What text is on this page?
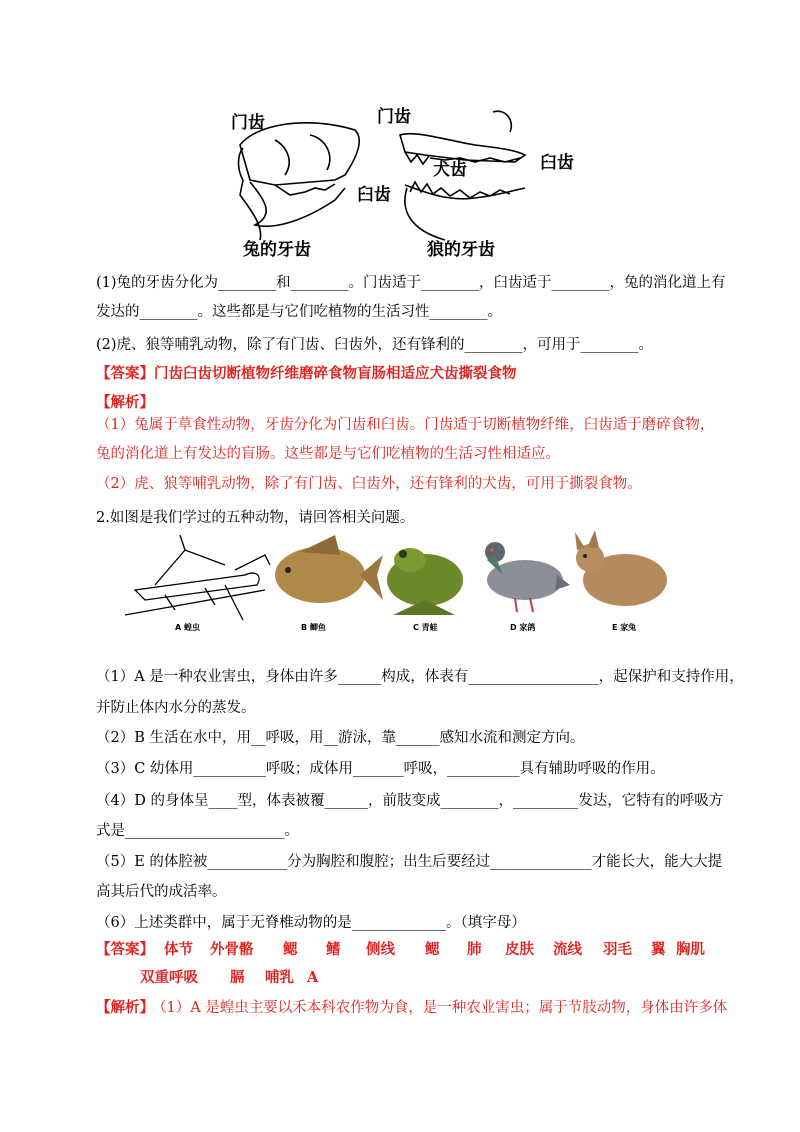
门齿
臼齿
门齿
犬齿	臼齿
兔的牙齿	狼的牙齿
(1)兔的牙齿分化为________和________。门齿适于________，臼齿适于________，兔的消化道上有
发达的________。这些都是与它们吃植物的生活习性________。
(2)虎、狼等哺乳动物，除了有门齿、臼齿外，还有锋利的________，可用于________。
【答案】门齿臼齿切断植物纤维磨碎食物盲肠相适应犬齿撕裂食物
【解析】
（1）兔属于草食性动物，牙齿分化为门齿和臼齿。门齿适于切断植物纤维，臼齿适于磨碎食物，
兔的消化道上有发达的盲肠。这些都是与它们吃植物的生活习性相适应。
（2）虎、狼等哺乳动物，除了有门齿、臼齿外，还有锋利的犬齿，可用于撕裂食物。
2.如图是我们学过的五种动物，请回答相关问题。
A 蝗虫	B 鲫鱼	C 青蛙	D 家鸽	E 家兔
（1）A 是一种农业害虫，身体由许多______构成，体表有__________________，起保护和支持作用，
并防止体内水分的蒸发。
（2）B 生活在水中，用__呼吸，用__游泳，靠______感知水流和测定方向。
（3）C 幼体用__________呼吸；成体用_______呼吸，__________具有辅助呼吸的作用。
（4）D 的身体呈____型，体表被覆______，前肢变成________，_________发达，它特有的呼吸方
式是______________________。
（5）E 的体腔被___________分为胸腔和腹腔；出生后要经过______________才能长大，能大大提
高其后代的成活率。
（6）上述类群中，属于无脊椎动物的是_____________。（填字母）
【答案】 体节 外骨骼 鳃 鳍 侧线 鳃 肺 皮肤 流线 羽毛 翼 胸肌
双重呼吸 膈 哺乳 A
【解析】
（1）A 是蝗虫主要以禾本科农作物为食，是一种农业害虫；属于节肢动物，身体由许多体
